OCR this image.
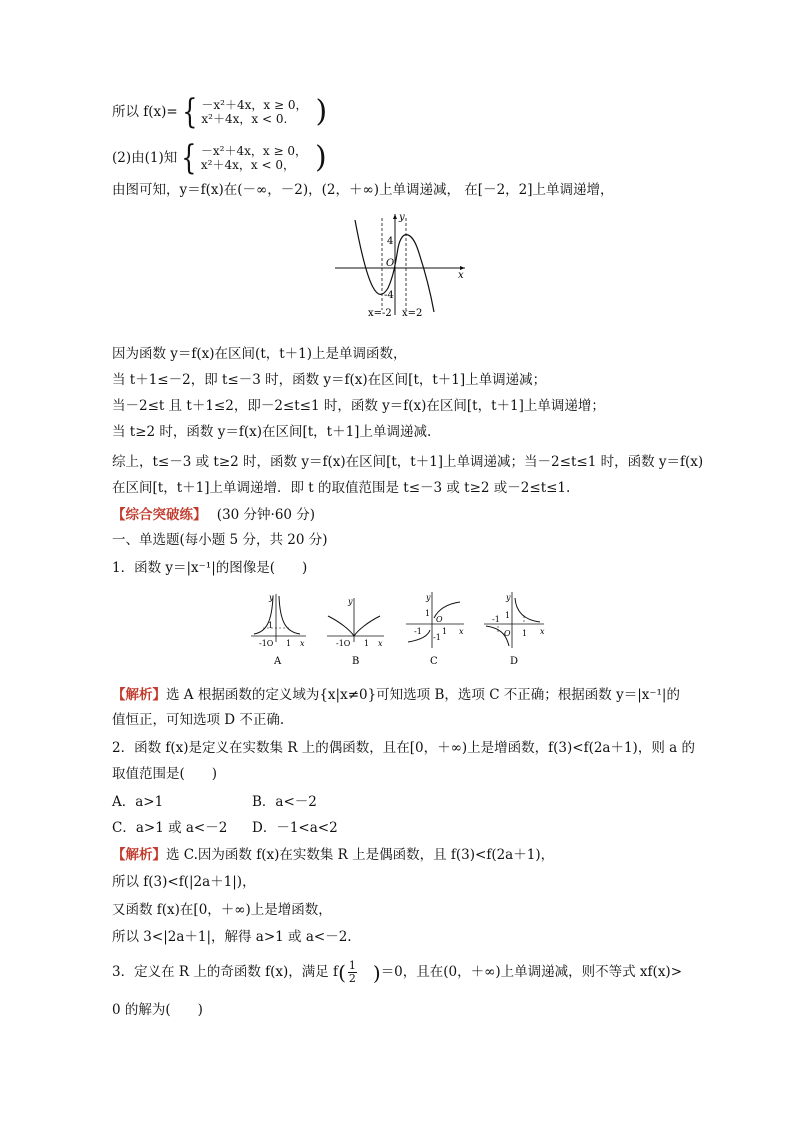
所以 f(x)= { －x²＋4x，x ≥ 0，
x²＋4x，x < 0. )
(2)由(1)知 { －x²＋4x，x ≥ 0，
x²＋4x，x < 0， )
由图可知，y＝f(x)在(－∞，－2)，(2，＋∞)上单调递减， 在[－2，2]上单调递增，
4
-4
O
y
x
x=-2 x=2
因为函数 y＝f(x)在区间(t，t＋1)上是单调函数，
当 t＋1≤－2，即 t≤－3 时，函数 y＝f(x)在区间[t，t＋1]上单调递减；
当－2≤t 且 t＋1≤2，即－2≤t≤1 时，函数 y＝f(x)在区间[t，t＋1]上单调递增；
当 t≥2 时，函数 y＝f(x)在区间[t，t＋1]上单调递减.
综上，t≤－3 或 t≥2 时，函数 y＝f(x)在区间[t，t＋1]上单调递减；当－2≤t≤1 时，函数 y＝f(x)
在区间[t，t＋1]上单调递增．即 t 的取值范围是 t≤－3 或 t≥2 或－2≤t≤1.
【综合突破练】 (30 分钟·60 分)
一、单选题(每小题 5 分，共 20 分)
1．函数 y＝|x⁻¹|的图像是(　　)
y
1
-1O 1 x
A
y
-1O 1 x
B
y
1
O
-1	1
-1
x
C
y
1
O
-1
1 x
D
【解析】选 A 根据函数的定义域为{x|x≠0}可知选项 B，选项 C 不正确；根据函数 y＝|x⁻¹|的
值恒正，可知选项 D 不正确.
2．函数 f(x)是定义在实数集 R 上的偶函数，且在[0，＋∞)上是增函数，f(3)<f(2a＋1)，则 a 的
取值范围是(　　)
A．a>1	B．a<－2
C．a>1 或 a<－2 D．－1<a<2
【解析】选 C.因为函数 f(x)在实数集 R 上是偶函数，且 f(3)<f(2a＋1)，
所以 f(3)<f(|2a＋1|)，
又函数 f(x)在[0，＋∞)上是增函数，
所以 3<|2a＋1|，解得 a>1 或 a<－2.
3．定义在 R 上的奇函数 f(x)，满足 $f( \frac{1}{2} )=0$，且在(0，＋∞)上单调递减，则不等式 xf(x)>
0 的解为(　　)
